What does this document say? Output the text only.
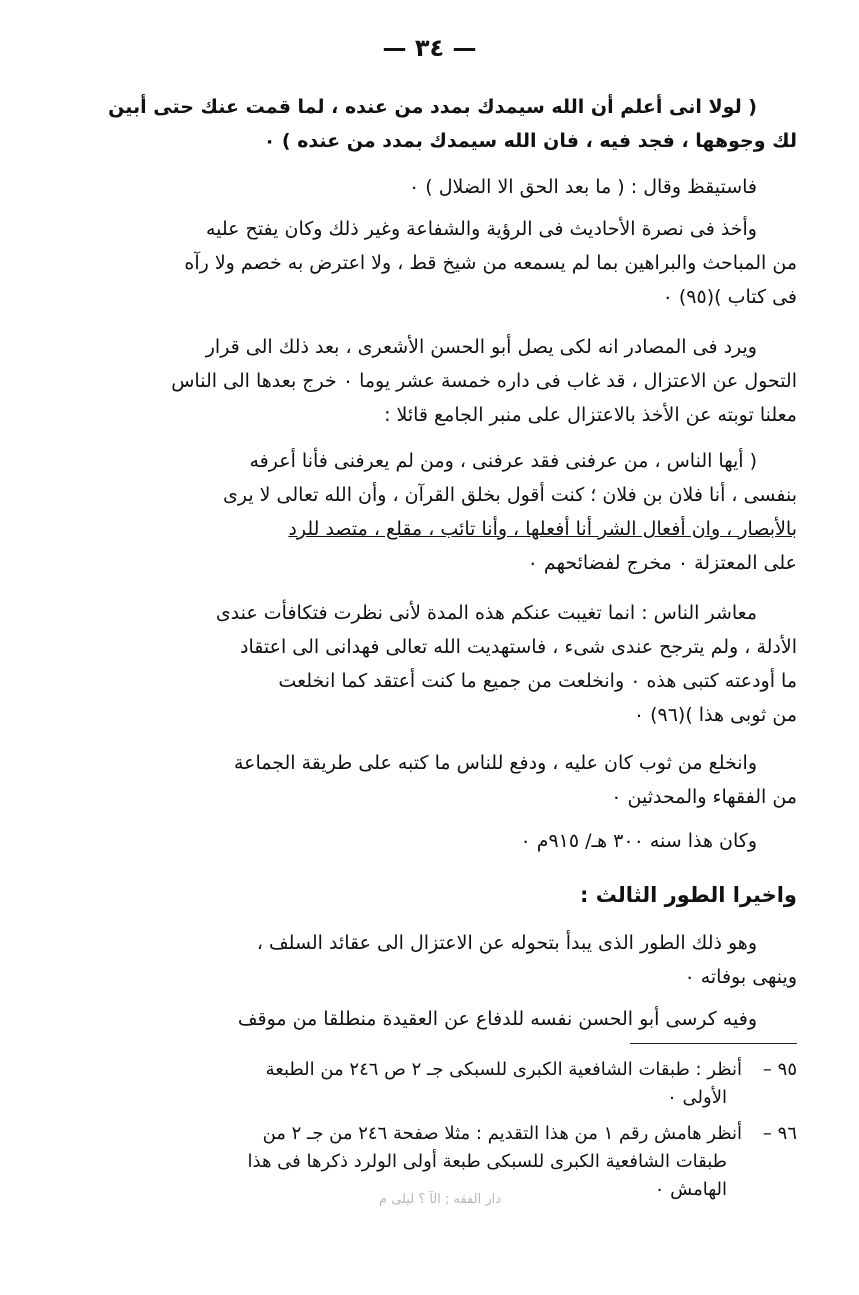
— ٣٤ —
( لولا انى أعلم أن الله سيمدك بمدد من عنده ، لما قمت عنك حتى أبين
لك وجوهها ، فجد فيه ، فان الله سيمدك بمدد من عنده ) ٠
فاستيقظ وقال : ( ما بعد الحق الا الضلال ) ٠
وأخذ فى نصرة الأحاديث فى الرؤية والشفاعة وغير ذلك وكان يفتح عليه
من المباحث والبراهين بما لم يسمعه من شيخ قط ، ولا اعترض به خصم ولا رآه
فى كتاب )(٩٥) ٠
ويرد فى المصادر انه لكى يصل أبو الحسن الأشعرى ، بعد ذلك الى قرار
التحول عن الاعتزال ، قد غاب فى داره خمسة عشر يوما ٠ خرج بعدها الى الناس
معلنا توبته عن الأخذ بالاعتزال على منبر الجامع قائلا :
( أيها الناس ، من عرفنى فقد عرفنى ، ومن لم يعرفنى فأنا أعرفه
بنفسى ، أنا فلان بن فلان ؛ كنت أقول بخلق القرآن ، وأن الله تعالى لا يرى
بالأبصار ، وان أفعال الشر أنا أفعلها ، وأنا تائب ، مقلع ، متصد للرد
على المعتزلة ٠ مخرج لفضائحهم ٠
معاشر الناس : انما تغيبت عنكم هذه المدة لأنى نظرت فتكافأت عندى
الأدلة ، ولم يترجح عندى شىء ، فاستهديت الله تعالى فهدانى الى اعتقاد
ما أودعته كتبى هذه ٠ وانخلعت من جميع ما كنت أعتقد كما انخلعت
من ثوبى هذا )(٩٦) ٠
وانخلع من ثوب كان عليه ، ودفع للناس ما كتبه على طريقة الجماعة
من الفقهاء والمحدثين ٠
وكان هذا سنه ٣٠٠ هـ/ ٩١٥م ٠
واخيرا الطور الثالث :
وهو ذلك الطور الذى يبدأ بتحوله عن الاعتزال الى عقائد السلف ،
وينهى بوفاته ٠
وفيه كرسى أبو الحسن نفسه للدفاع عن العقيدة منطلقا من موقف
٩٥ –أنظر : طبقات الشافعية الكبرى للسبكى جـ ٢ ص ٢٤٦ من الطبعة
الأولى ٠
٩٦ –أنظر هامش رقم ١ من هذا التقديم : مثلا صفحة ٢٤٦ من جـ ٢ من
طبقات الشافعية الكبرى للسبكى طبعة أولى الولرد ذكرها فى هذا
الهامش ٠
دار الفقه ; الآ ؟ ليلى م
